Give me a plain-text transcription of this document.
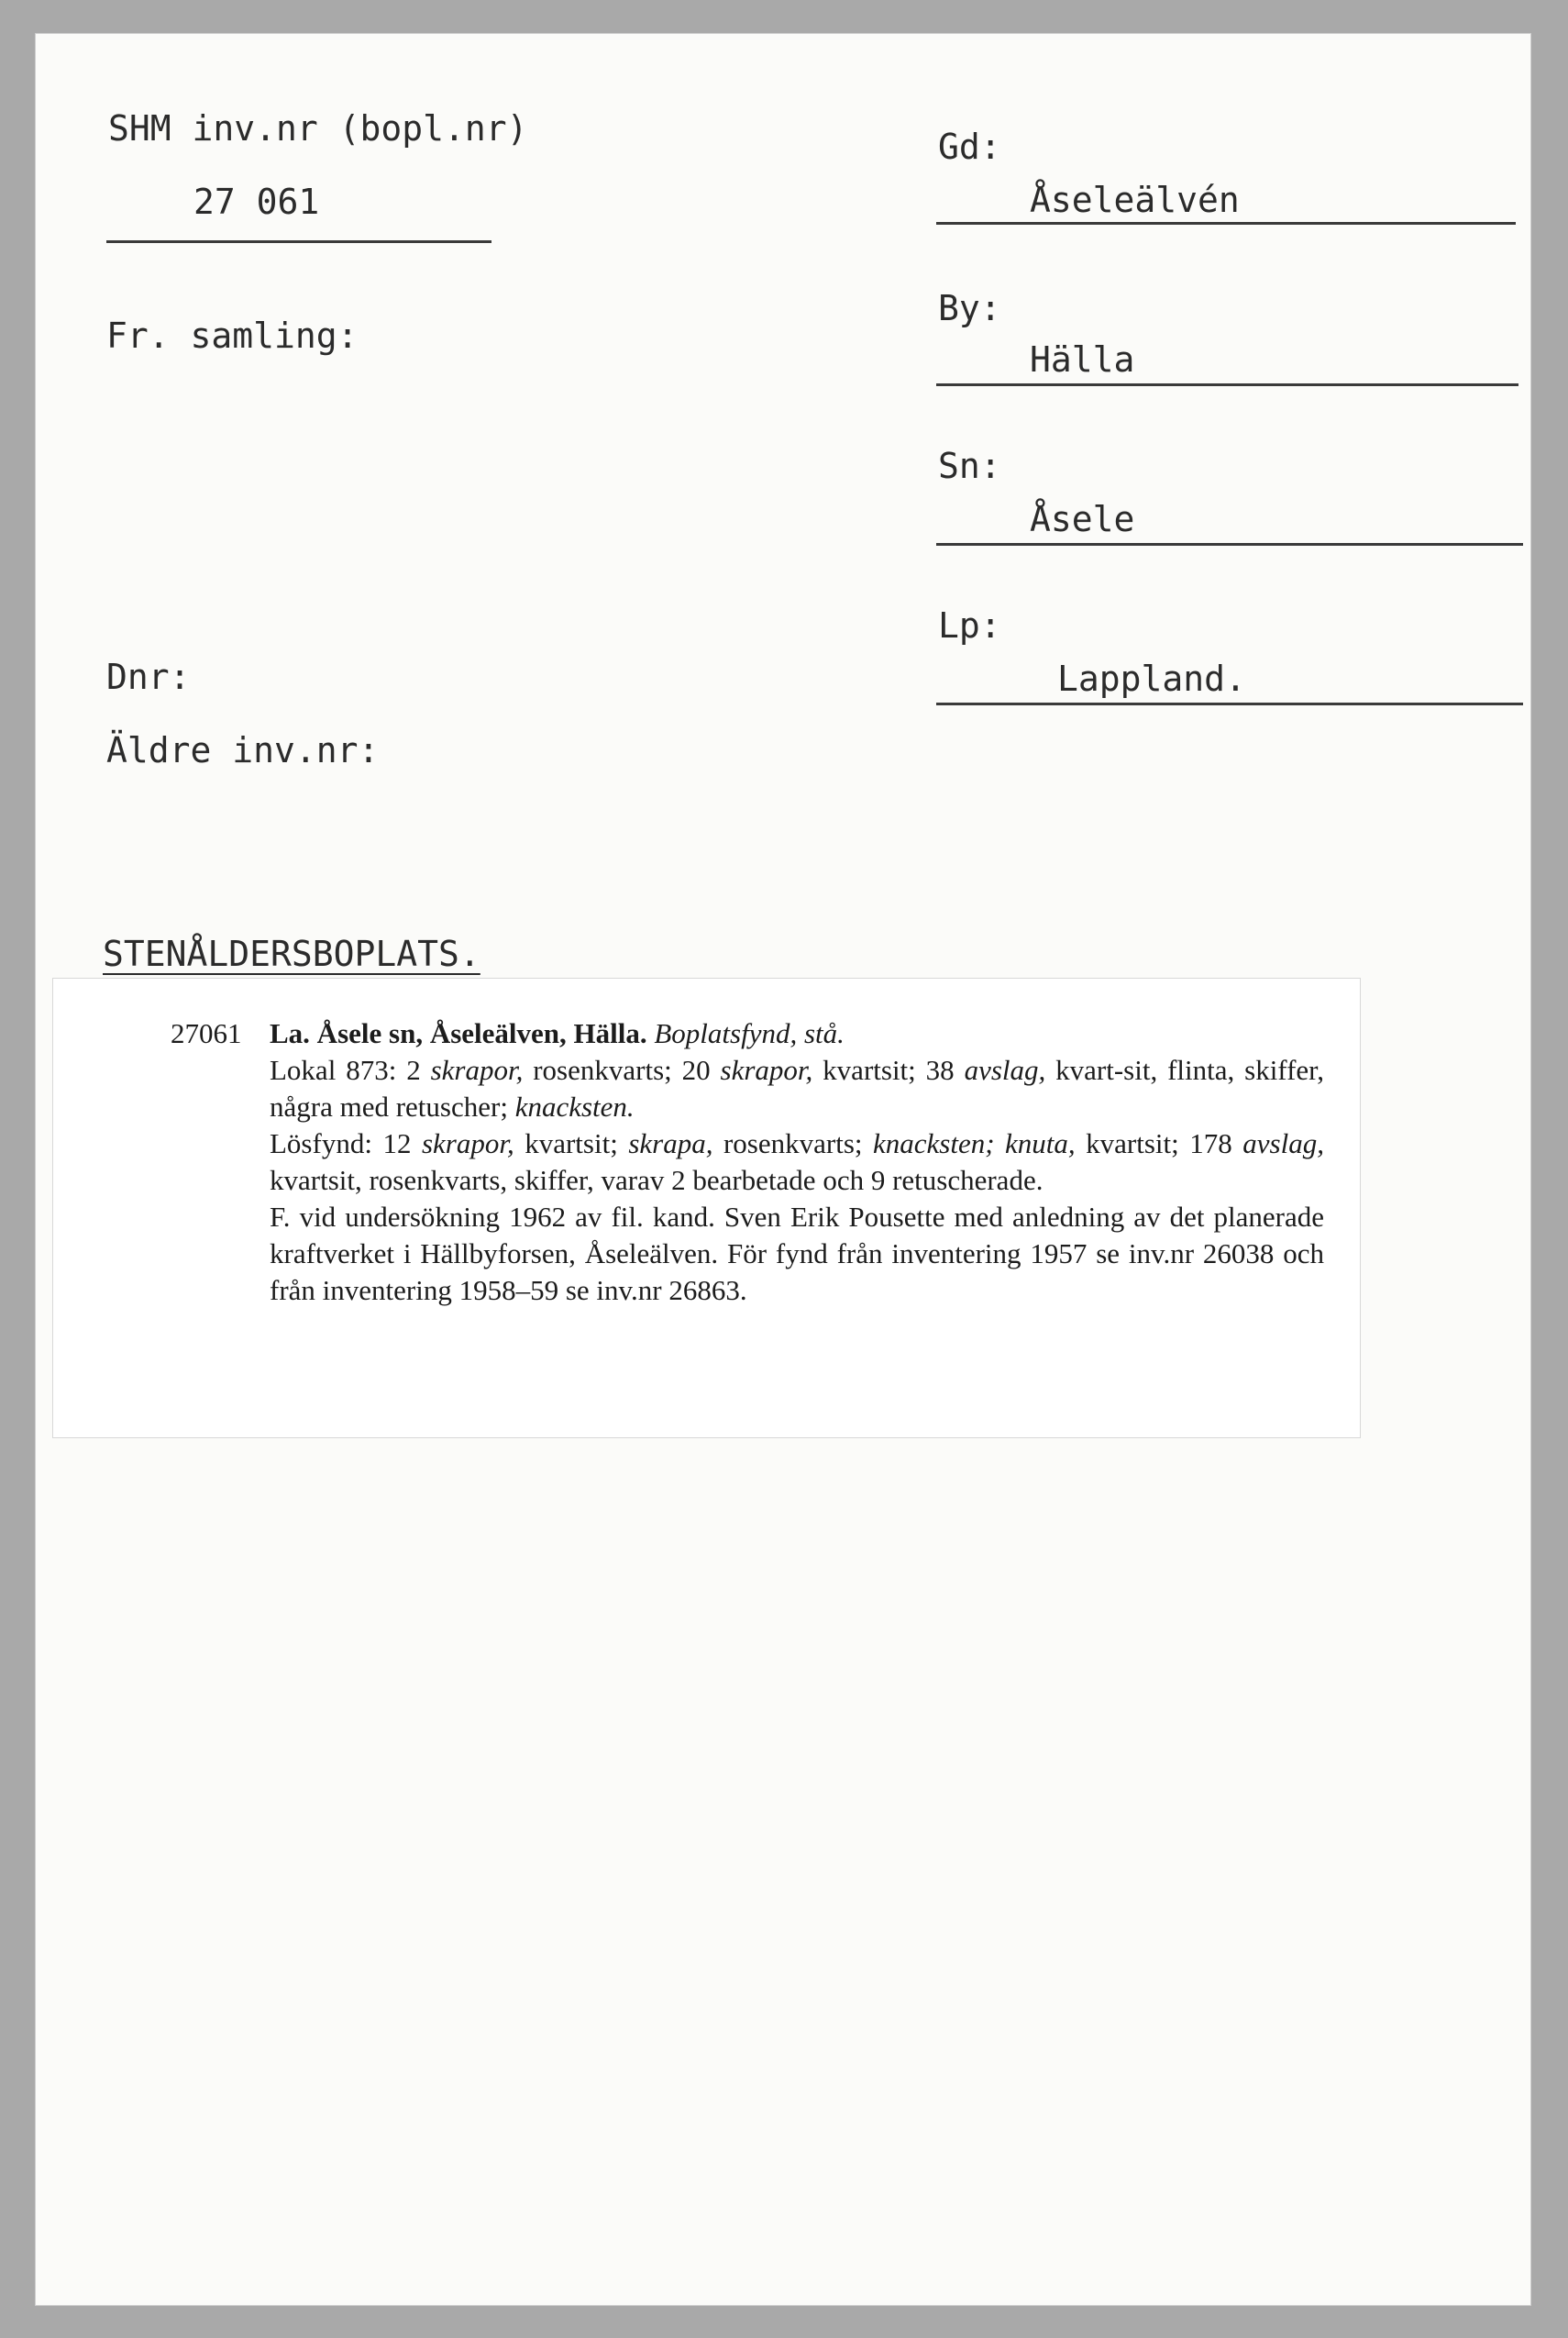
SHM inv.nr (bopl.nr)
27 061
Fr. samling:
Dnr:
Äldre inv.nr:
Gd:
Åseleälvén
By:
Hälla
Sn:
Åsele
Lp:
Lappland.
STENÅLDERSBOPLATS.
27061 La. Åsele sn, Åseleälven, Hälla. Boplatsfynd, stå.

Lokal 873: 2 skrapor, rosenkvarts; 20 skrapor, kvartsit; 38 avslag, kvart-sit, flinta, skiffer, några med retuscher; knacksten.

Lösfynd: 12 skrapor, kvartsit; skrapa, rosenkvarts; knacksten; knuta, kvartsit; 178 avslag, kvartsit, rosenkvarts, skiffer, varav 2 bearbetade och 9 retuscherade.

F. vid undersökning 1962 av fil. kand. Sven Erik Pousette med anledning av det planerade kraftverket i Hällbyforsen, Åseleälven. För fynd från inventering 1957 se inv.nr 26038 och från inventering 1958–59 se inv.nr 26863.
